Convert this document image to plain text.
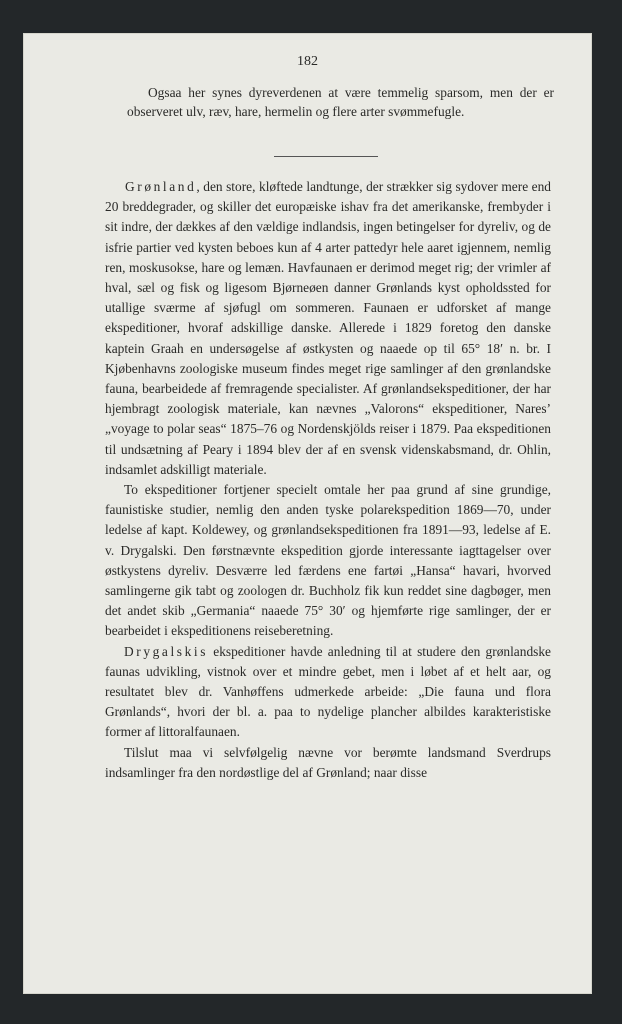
182

Ogsaa her synes dyreverdenen at være temmelig sparsom, men der er observeret ulv, ræv, hare, hermelin og flere arter svømmefugle.

Grønland, den store, kløftede landtunge, der strækker sig sydover mere end 20 breddegrader, og skiller det europæiske ishav fra det amerikanske, frembyder i sit indre, der dækkes af den vældige indlandsis, ingen betingelser for dyreliv, og de isfrie partier ved kysten beboes kun af 4 arter pattedyr hele aaret igjennem, nemlig ren, moskusokse, hare og lemæn. Havfaunaen er derimod meget rig; der vrimler af hval, sæl og fisk og ligesom Bjørneøen danner Grønlands kyst opholdssted for utallige sværme af sjøfugl om sommeren. Faunaen er udforsket af mange ekspeditioner, hvoraf adskillige danske. Allerede i 1829 foretog den danske kaptein Graah en undersøgelse af østkysten og naaede op til 65° 18′ n. br. I Kjøbenhavns zoologiske museum findes meget rige samlinger af den grønlandske fauna, bearbeidede af fremragende specialister. Af grønlandsekspeditioner, der har hjembragt zoologisk materiale, kan nævnes „Valorons“ ekspeditioner, Nares’ „voyage to polar seas“ 1875–76 og Nordenskjölds reiser i 1879. Paa ekspeditionen til undsætning af Peary i 1894 blev der af en svensk videnskabsmand, dr. Ohlin, indsamlet adskilligt materiale.

To ekspeditioner fortjener specielt omtale her paa grund af sine grundige, faunistiske studier, nemlig den anden tyske polarekspedition 1869—70, under ledelse af kapt. Koldewey, og grønlandsekspeditionen fra 1891—93, ledelse af E. v. Drygalski. Den førstnævnte ekspedition gjorde interessante iagttagelser over østkystens dyreliv. Desværre led færdens ene fartøi „Hansa“ havari, hvorved samlingerne gik tabt og zoologen dr. Buchholz fik kun reddet sine dagbøger, men det andet skib „Germania“ naaede 75° 30′ og hjemførte rige samlinger, der er bearbeidet i ekspeditionens reiseberetning.

Drygalskis ekspeditioner havde anledning til at studere den grønlandske faunas udvikling, vistnok over et mindre gebet, men i løbet af et helt aar, og resultatet blev dr. Vanhøffens udmerkede arbeide: „Die fauna und flora Grønlands“, hvori der bl. a. paa to nydelige plancher albildes karakteristiske former af littoralfaunaen.

Tilslut maa vi selvfølgelig nævne vor berømte landsmand Sverdrups indsamlinger fra den nordøstlige del af Grønland; naar disse
